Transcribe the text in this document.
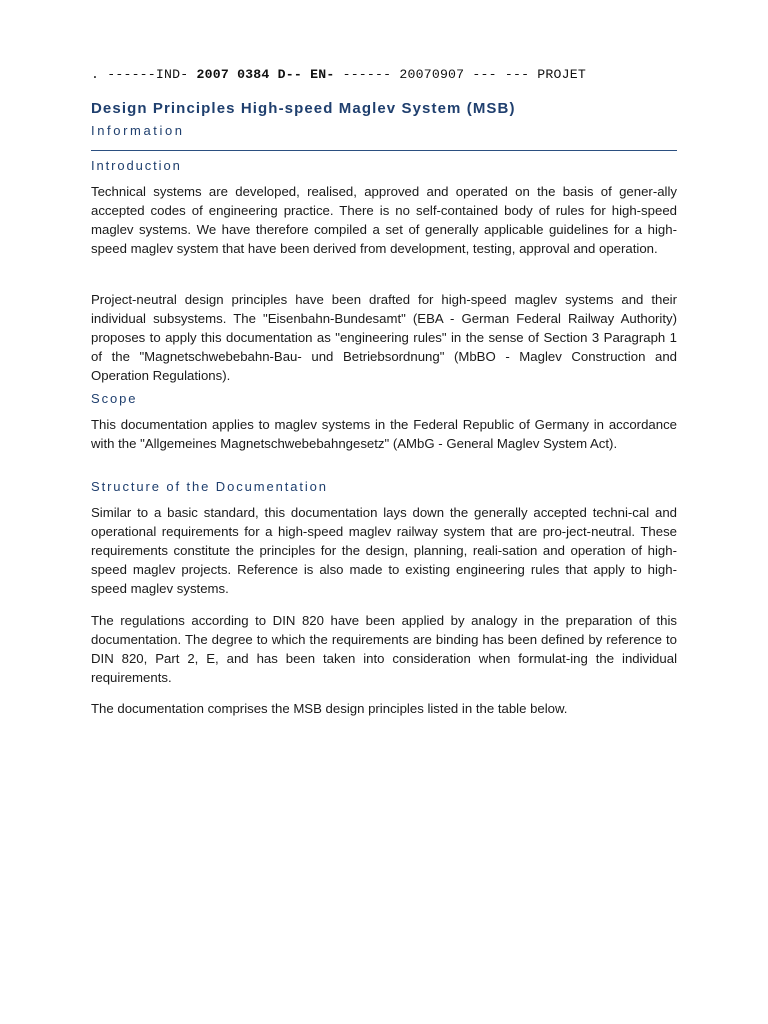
. ------IND- 2007 0384 D-- EN- ------ 20070907 --- --- PROJET
Design Principles High-speed Maglev System (MSB)
Information
Introduction
Technical systems are developed, realised, approved and operated on the basis of gener-ally accepted codes of engineering practice. There is no self-contained body of rules for high-speed maglev systems. We have therefore compiled a set of generally applicable guidelines for a high-speed maglev system that have been derived from development, testing, approval and operation.
Project-neutral design principles have been drafted for high-speed maglev systems and their individual subsystems. The "Eisenbahn-Bundesamt" (EBA - German Federal Railway Authority) proposes to apply this documentation as "engineering rules" in the sense of Section 3 Paragraph 1 of the "Magnetschwebebahn-Bau- und Betriebsordnung" (MbBO - Maglev Construction and Operation Regulations).
Scope
This documentation applies to maglev systems in the Federal Republic of Germany in accordance with the "Allgemeines Magnetschwebebahngesetz" (AMbG - General Maglev System Act).
Structure of the Documentation
Similar to a basic standard, this documentation lays down the generally accepted techni-cal and operational requirements for a high-speed maglev railway system that are pro-ject-neutral. These requirements constitute the principles for the design, planning, reali-sation and operation of high-speed maglev projects. Reference is also made to existing engineering rules that apply to high-speed maglev systems.
The regulations according to DIN 820 have been applied by analogy in the preparation of this documentation. The degree to which the requirements are binding has been defined by reference to DIN 820, Part 2, E, and has been taken into consideration when formulat-ing the individual requirements.
The documentation comprises the MSB design principles listed in the table below.
